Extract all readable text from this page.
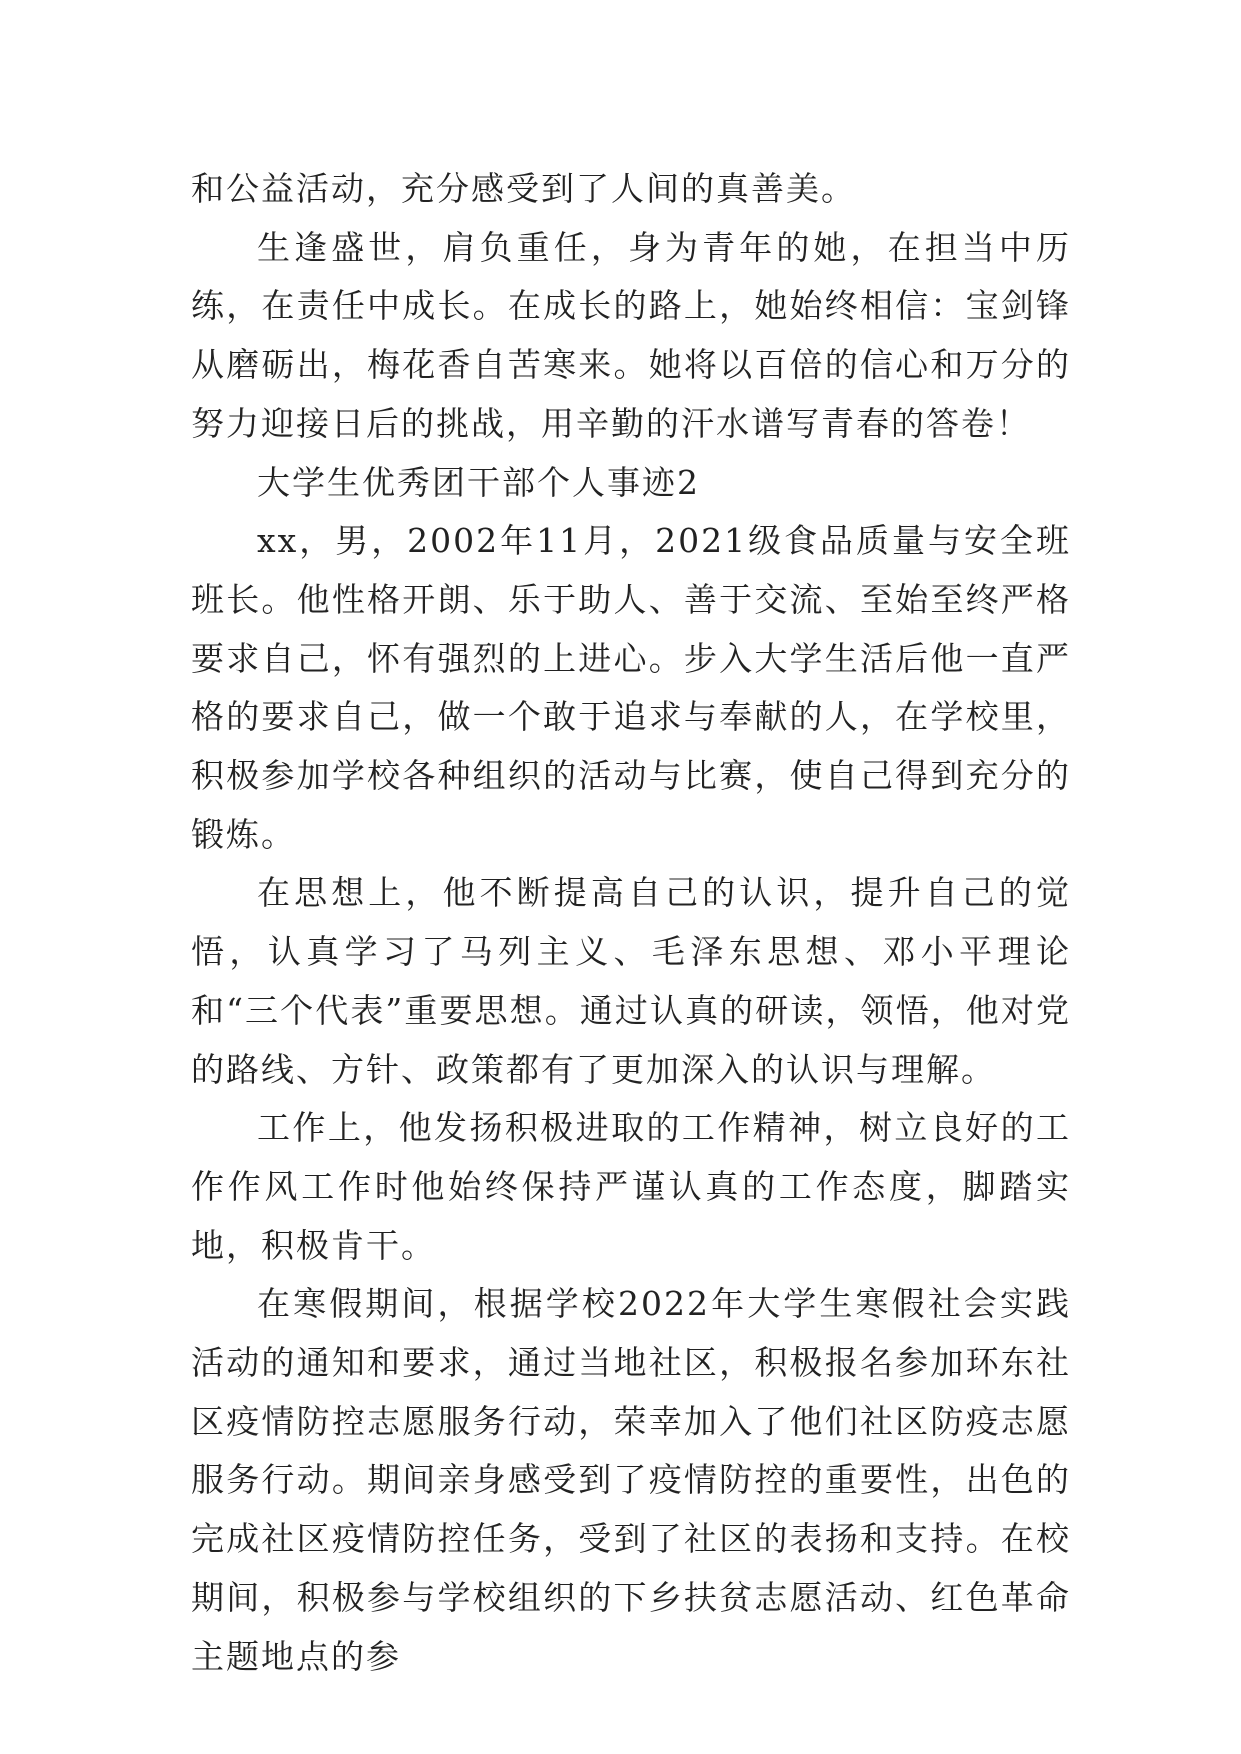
和公益活动，充分感受到了人间的真善美。

生逢盛世，肩负重任，身为青年的她，在担当中历练，在责任中成长。在成长的路上，她始终相信：宝剑锋从磨砺出，梅花香自苦寒来。她将以百倍的信心和万分的努力迎接日后的挑战，用辛勤的汗水谱写青春的答卷！

大学生优秀团干部个人事迹2

xx，男，2002年11月，2021级食品质量与安全班班长。他性格开朗、乐于助人、善于交流、至始至终严格要求自己，怀有强烈的上进心。步入大学生活后他一直严格的要求自己，做一个敢于追求与奉献的人，在学校里，积极参加学校各种组织的活动与比赛，使自己得到充分的锻炼。

在思想上，他不断提高自己的认识，提升自己的觉悟，认真学习了马列主义、毛泽东思想、邓小平理论和“三个代表”重要思想。通过认真的研读，领悟，他对党的路线、方针、政策都有了更加深入的认识与理解。

工作上，他发扬积极进取的工作精神，树立良好的工作作风工作时他始终保持严谨认真的工作态度，脚踏实地，积极肯干。

在寒假期间，根据学校2022年大学生寒假社会实践活动的通知和要求，通过当地社区，积极报名参加环东社区疫情防控志愿服务行动，荣幸加入了他们社区防疫志愿服务行动。期间亲身感受到了疫情防控的重要性，出色的完成社区疫情防控任务，受到了社区的表扬和支持。在校期间，积极参与学校组织的下乡扶贫志愿活动、红色革命主题地点的参
